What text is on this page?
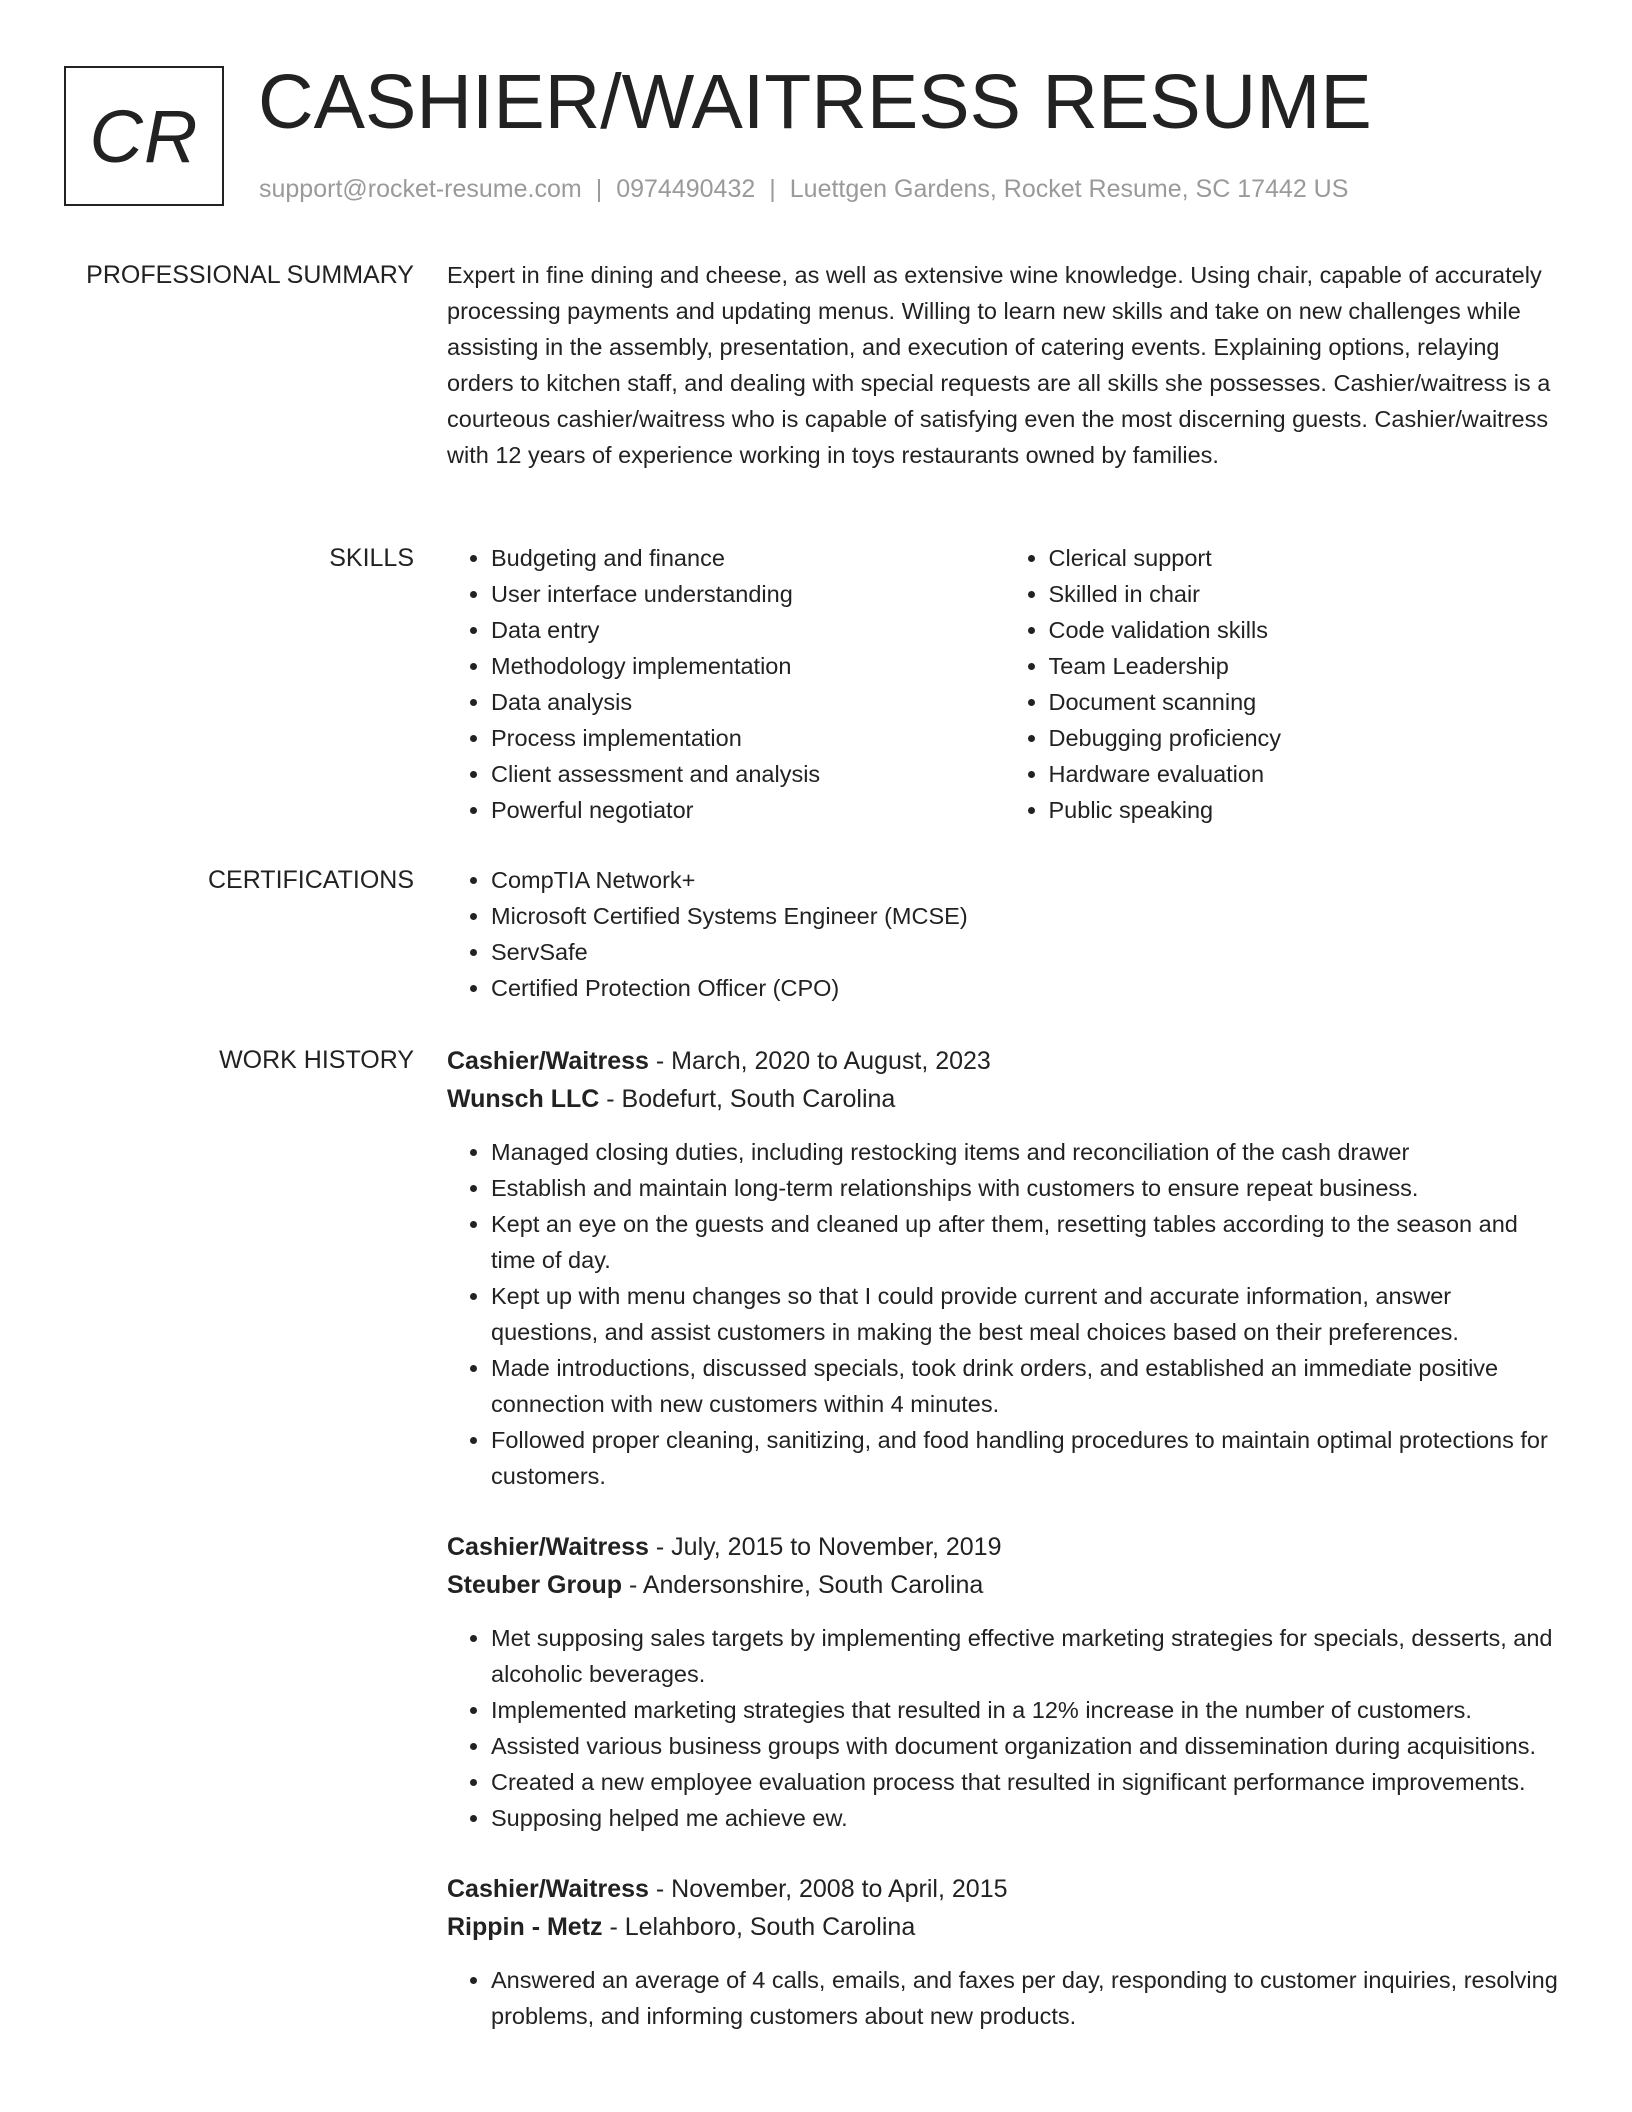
CR CASHIER/WAITRESS RESUME
support@rocket-resume.com | 0974490432 | Luettgen Gardens, Rocket Resume, SC 17442 US
PROFESSIONAL SUMMARY Expert in fine dining and cheese, as well as extensive wine knowledge. Using chair, capable of accurately processing payments and updating menus. Willing to learn new skills and take on new challenges while assisting in the assembly, presentation, and execution of catering events. Explaining options, relaying orders to kitchen staff, and dealing with special requests are all skills she possesses. Cashier/waitress is a courteous cashier/waitress who is capable of satisfying even the most discerning guests. Cashier/waitress with 12 years of experience working in toys restaurants owned by families.

SKILLS	• Budgeting and finance
• User interface understanding
• Data entry
• Methodology implementation
• Data analysis
• Process implementation
• Client assessment and analysis
• Powerful negotiator
• Clerical support
• Skilled in chair
• Code validation skills
• Team Leadership
• Document scanning
• Debugging proficiency
• Hardware evaluation
• Public speaking
CERTIFICATIONS	• CompTIA Network+
• Microsoft Certified Systems Engineer (MCSE)
• ServSafe
• Certified Protection Officer (CPO)
WORK HISTORY Cashier/Waitress - March, 2020 to August, 2023
Wunsch LLC - Bodefurt, South Carolina
• Managed closing duties, including restocking items and reconciliation of the cash drawer
• Establish and maintain long-term relationships with customers to ensure repeat business.
• Kept an eye on the guests and cleaned up after them, resetting tables according to the season and time of day.
• Kept up with menu changes so that I could provide current and accurate information, answer questions, and assist customers in making the best meal choices based on their preferences.
• Made introductions, discussed specials, took drink orders, and established an immediate positive connection with new customers within 4 minutes.
• Followed proper cleaning, sanitizing, and food handling procedures to maintain optimal protections for customers.
Cashier/Waitress - July, 2015 to November, 2019
Steuber Group - Andersonshire, South Carolina
• Met supposing sales targets by implementing effective marketing strategies for specials, desserts, and alcoholic beverages.
• Implemented marketing strategies that resulted in a 12% increase in the number of customers.
• Assisted various business groups with document organization and dissemination during acquisitions.
• Created a new employee evaluation process that resulted in significant performance improvements.
• Supposing helped me achieve ew.
Cashier/Waitress - November, 2008 to April, 2015
Rippin - Metz - Lelahboro, South Carolina
• Answered an average of 4 calls, emails, and faxes per day, responding to customer inquiries, resolving problems, and informing customers about new products.
